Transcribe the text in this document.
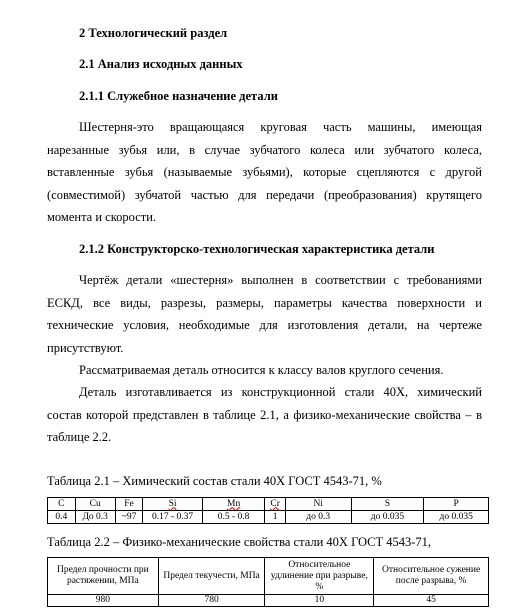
2 Технологический раздел
2.1 Анализ исходных данных
2.1.1 Служебное назначение детали

Шестерня-это вращающаяся круговая часть машины, имеющая нарезанные зубья или, в случае зубчатого колеса или зубчатого колеса, вставленные зубья (называемые зубьями), которые сцепляются с другой (совместимой) зубчатой частью для передачи (преобразования) крутящего момента и скорости.

2.1.2 Конструкторско-технологическая характеристика детали

Чертёж детали «шестерня» выполнен в соответствии с требованиями ЕСКД, все виды, разрезы, размеры, параметры качества поверхности и технические условия, необходимые для изготовления детали, на чертеже присутствуют.

Рассматриваемая деталь относится к классу валов круглого сечения.

Деталь изготавливается из конструкционной стали 40Х, химический состав которой представлен в таблице 2.1, а физико-механические свойства – в таблице 2.2.

Таблица 2.1 – Химический состав стали 40Х ГОСТ 4543-71, %
C	Cu	Fe	Si	Mn	Cr	Ni	S	P
0.4	До 0.3	~97	0.17 - 0.37	0.5 - 0.8	1	до 0.3	до 0.035	до 0.035
Таблица 2.2 – Физико-механические свойства стали 40Х ГОСТ 4543-71,
Предел прочности при растяжении, МПа	Предел текучести, МПа	Относительное удлинение при разрыве, %	Относительное сужение после разрыва, %
980	780	10	45
